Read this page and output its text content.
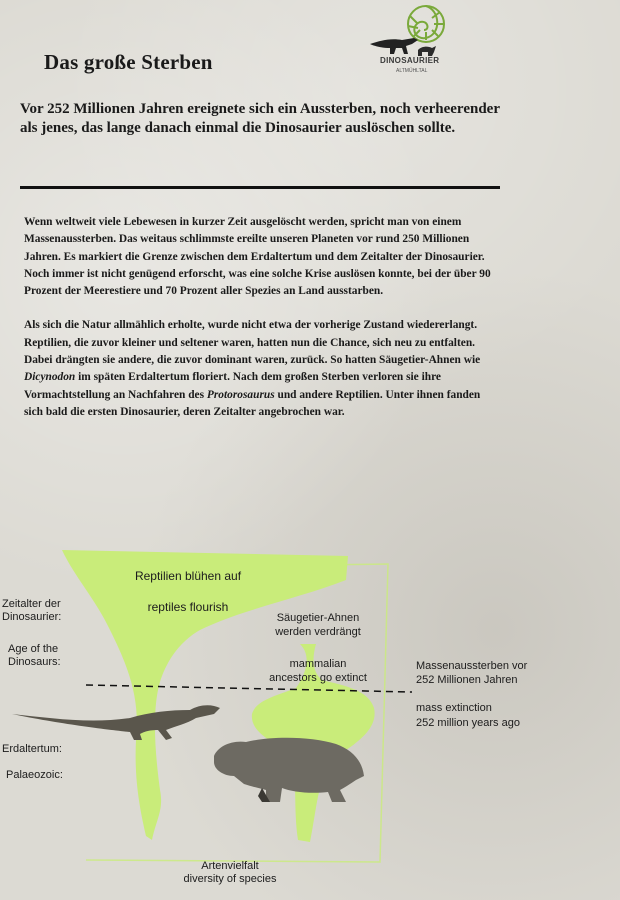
Das große Sterben	DINOSAURIER
ALTMÜHLTAL
Vor 252 Millionen Jahren ereignete sich ein Aussterben, noch verheerender als jenes, das lange danach einmal die Dinosaurier auslöschen sollte.

Wenn weltweit viele Lebewesen in kurzer Zeit ausgelöscht werden, spricht man von einem Massenaussterben. Das weitaus schlimmste ereilte unseren Planeten vor rund 250 Millionen Jahren. Es markiert die Grenze zwischen dem Erdaltertum und dem Zeitalter der Dinosaurier. Noch immer ist nicht genügend erforscht, was eine solche Krise auslösen konnte, bei der über 90 Prozent der Meerestiere und 70 Prozent aller Spezies an Land ausstarben.

Als sich die Natur allmählich erholte, wurde nicht etwa der vorherige Zustand wiedererlangt. Reptilien, die zuvor kleiner und seltener waren, hatten nun die Chance, sich neu zu entfalten. Dabei drängten sie andere, die zuvor dominant waren, zurück. So hatten Säugetier-Ahnen wie Dicynodon im späten Erdaltertum floriert. Nach dem großen Sterben verloren sie ihre Vormachtstellung an Nachfahren des Protorosaurus und andere Reptilien. Unter ihnen fanden sich bald die ersten Dinosaurier, deren Zeitalter angebrochen war.

Reptilien blühen auf
reptiles flourish
Säugetier-Ahnen
werden verdrängt
mammalian
ancestors go extinct
Zeitalter der
Dinosaurier:
Age of the
Dinosaurs:
Erdaltertum:
Palaeozoic:
Massenaussterben vor
252 Millionen Jahren
mass extinction
252 million years ago
Artenvielfalt
diversity of species
